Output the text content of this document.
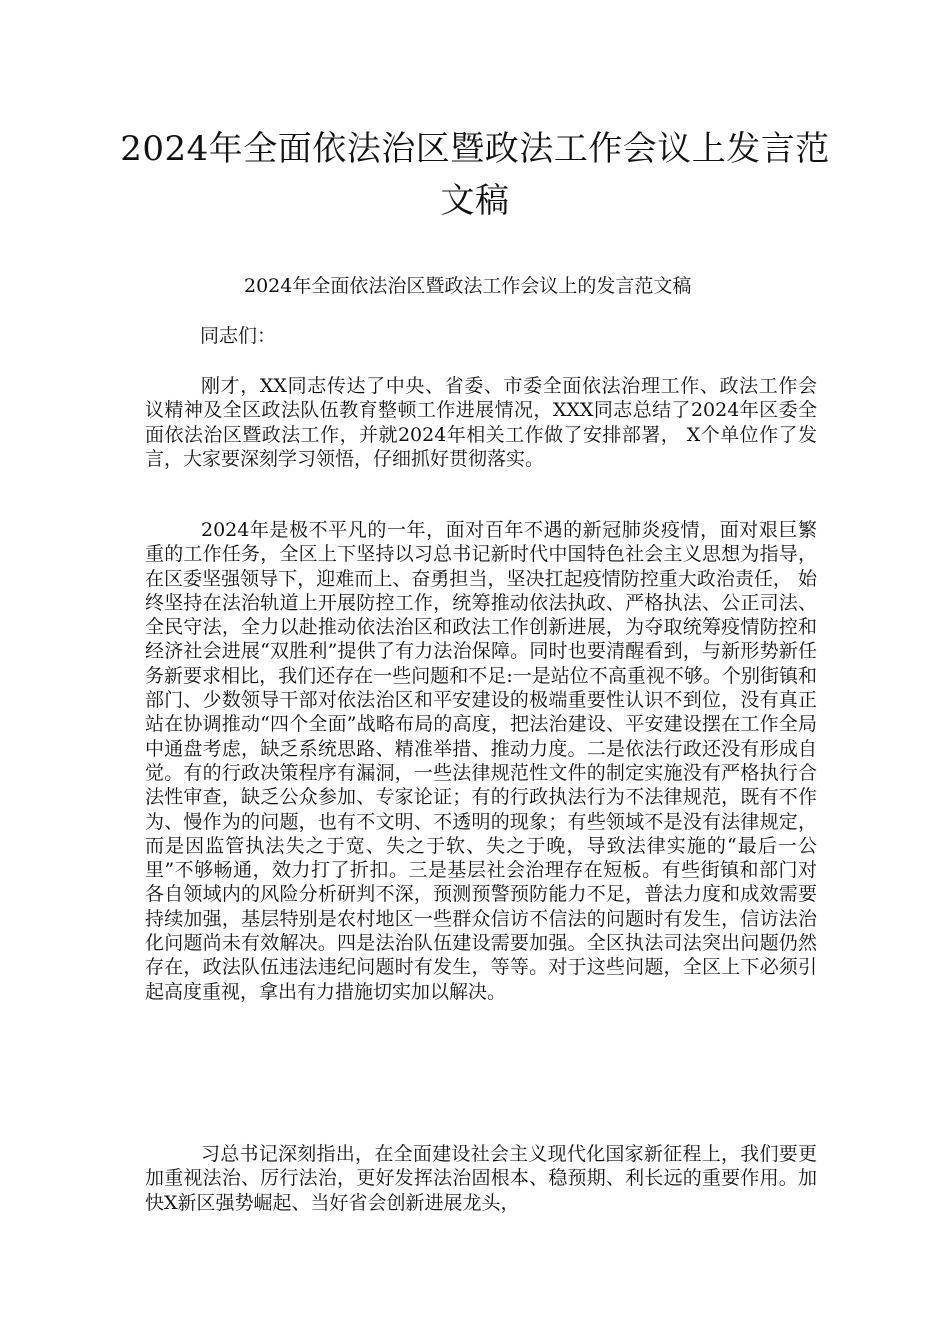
2024年全面依法治区暨政法工作会议上发言范文稿

2024年全面依法治区暨政法工作会议上的发言范文稿

同志们：

刚才，XX同志传达了中央、省委、市委全面依法治理工作、政法工作会议精神及全区政法队伍教育整顿工作进展情况，XXX同志总结了2024年区委全面依法治区暨政法工作，并就2024年相关工作做了安排部署， X个单位作了发言，大家要深刻学习领悟，仔细抓好贯彻落实。

2024年是极不平凡的一年，面对百年不遇的新冠肺炎疫情，面对艰巨繁重的工作任务，全区上下坚持以习总书记新时代中国特色社会主义思想为指导，在区委坚强领导下，迎难而上、奋勇担当，坚决扛起疫情防控重大政治责任， 始终坚持在法治轨道上开展防控工作，统筹推动依法执政、严格执法、公正司法、全民守法，全力以赴推动依法治区和政法工作创新进展，为夺取统筹疫情防控和经济社会进展“双胜利”提供了有力法治保障。同时也要清醒看到，与新形势新任务新要求相比，我们还存在一些问题和不足:一是站位不高重视不够。个别街镇和部门、少数领导干部对依法治区和平安建设的极端重要性认识不到位，没有真正站在协调推动“四个全面”战略布局的高度，把法治建设、平安建设摆在工作全局中通盘考虑，缺乏系统思路、精准举措、推动力度。二是依法行政还没有形成自觉。有的行政决策程序有漏洞，一些法律规范性文件的制定实施没有严格执行合法性审查，缺乏公众参加、专家论证；有的行政执法行为不法律规范，既有不作为、慢作为的问题，也有不文明、不透明的现象；有些领域不是没有法律规定，而是因监管执法失之于宽、失之于软、失之于晚，导致法律实施的“最后一公里”不够畅通，效力打了折扣。三是基层社会治理存在短板。有些街镇和部门对各自领域内的风险分析研判不深，预测预警预防能力不足，普法力度和成效需要持续加强，基层特别是农村地区一些群众信访不信法的问题时有发生，信访法治化问题尚未有效解决。四是法治队伍建设需要加强。全区执法司法突出问题仍然存在，政法队伍违法违纪问题时有发生，等等。对于这些问题，全区上下必须引起高度重视，拿出有力措施切实加以解决。

习总书记深刻指出，在全面建设社会主义现代化国家新征程上，我们要更加重视法治、厉行法治，更好发挥法治固根本、稳预期、利长远的重要作用。加快X新区强势崛起、当好省会创新进展龙头，
